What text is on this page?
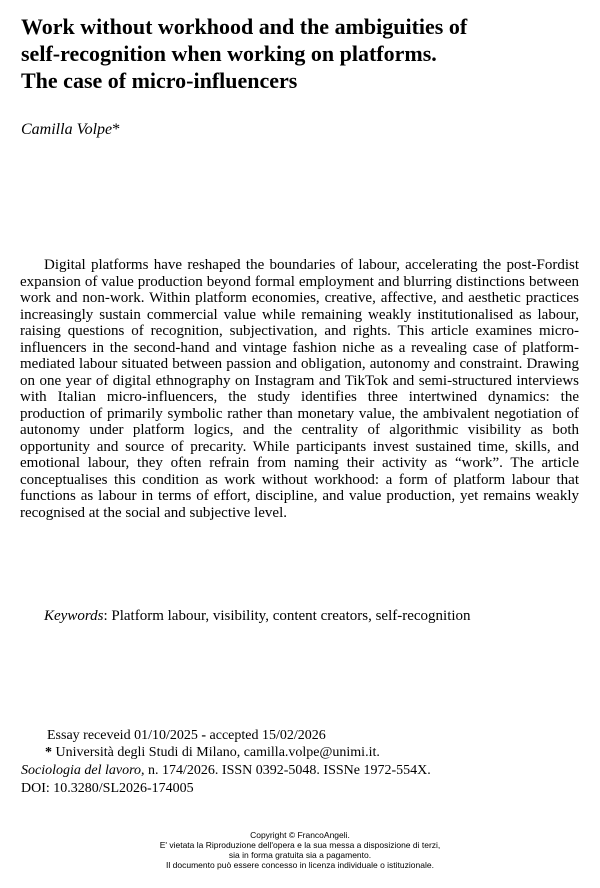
Work without workhood and the ambiguities of
self-recognition when working on platforms.
The case of micro-influencers
Camilla Volpe*

Digital platforms have reshaped the boundaries of labour, accelerating the post-Fordist expansion of value production beyond formal employment and blurring distinctions between work and non-work. Within platform economies, creative, affective, and aesthetic practices increasingly sustain commercial value while remaining weakly institutionalised as labour, raising questions of recognition, subjectivation, and rights. This article examines micro-influencers in the second-hand and vintage fashion niche as a revealing case of platform-mediated labour situated between passion and obligation, autonomy and constraint. Drawing on one year of digital ethnography on Instagram and TikTok and semi-structured interviews with Italian micro-influencers, the study identifies three intertwined dynamics: the production of primarily symbolic rather than monetary value, the ambivalent negotiation of autonomy under platform logics, and the centrality of algorithmic visibility as both opportunity and source of precarity. While participants invest sustained time, skills, and emotional labour, they often refrain from naming their activity as “work”. The article conceptualises this condition as work without workhood: a form of platform labour that functions as labour in terms of effort, discipline, and value production, yet remains weakly recognised at the social and subjective level.

Keywords: Platform labour, visibility, content creators, self-recognition
Essay receveid 01/10/2025 - accepted 15/02/2026
* Università degli Studi di Milano, camilla.volpe@unimi.it.
Sociologia del lavoro, n. 174/2026. ISSN 0392-5048. ISSNe 1972-554X.
DOI: 10.3280/SL2026-174005
Copyright © FrancoAngeli.
E' vietata la Riproduzione dell'opera e la sua messa a disposizione di terzi,
sia in forma gratuita sia a pagamento.
Il documento può essere concesso in licenza individuale o istituzionale.
